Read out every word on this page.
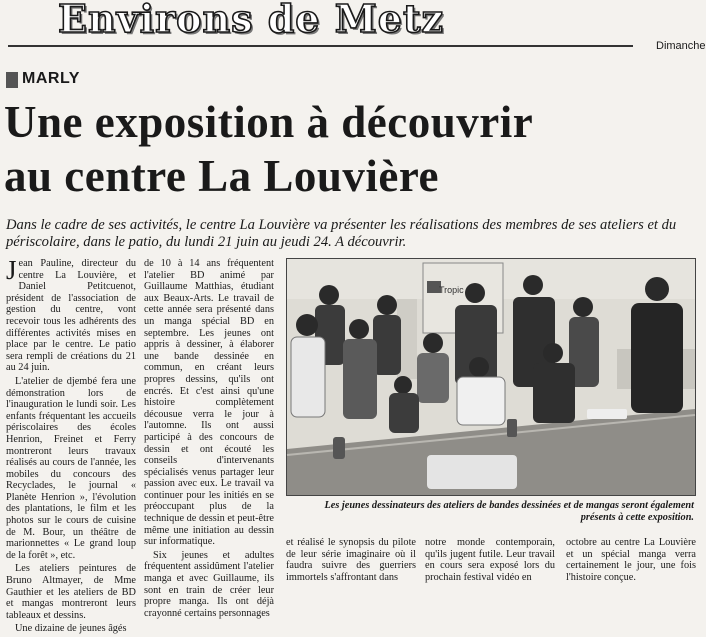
Environs de Metz
Dimanche
MARLY
Une exposition à découvrir
au centre La Louvière

Dans le cadre de ses activités, le centre La Louvière va présenter les réalisations des membres de ses ateliers et du périscolaire, dans le patio, du lundi 21 juin au jeudi 24. A découvrir.

Jean Pauline, directeur du centre La Louvière, et Daniel Petitcuenot, président de l'association de gestion du centre, vont recevoir tous les adhérents des différentes activités mises en place par le centre. Le patio sera rempli de créations du 21 au 24 juin.

L'atelier de djembé fera une démonstration lors de l'inauguration le lundi soir. Les enfants fréquentant les accueils périscolaires des écoles Henrion, Freinet et Ferry montreront leurs travaux réalisés au cours de l'année, les mobiles du concours des Recyclades, le journal « Planète Henrion », l'évolution des plantations, le film et les photos sur le cours de cuisine de M. Bour, un théâtre de marionnettes « Le grand loup de la forêt », etc.

Les ateliers peintures de Bruno Altmayer, de Mme Gauthier et les ateliers de BD et mangas montreront leurs tableaux et dessins.

Une dizaine de jeunes âgés

de 10 à 14 ans fréquentent l'atelier BD animé par Guillaume Matthias, étudiant aux Beaux-Arts. Le travail de cette année sera présenté dans un manga spécial BD en septembre. Les jeunes ont appris à dessiner, à élaborer une bande dessinée en commun, en créant leurs propres dessins, qu'ils ont encrés. Et c'est ainsi qu'une histoire complètement décousue verra le jour à l'automne. Ils ont aussi participé à des concours de dessin et ont écouté les conseils d'intervenants spécialisés venus partager leur passion avec eux. Le travail va continuer pour les initiés en se préoccupant plus de la technique de dessin et peut-être même une initiation au dessin sur informatique.

Six jeunes et adultes fréquentent assidûment l'atelier manga et avec Guillaume, ils sont en train de créer leur propre manga. Ils ont déjà crayonné certains personnages

Tropic
Les jeunes dessinateurs des ateliers de bandes dessinées et de mangas seront également présents à cette exposition.

et réalisé le synopsis du pilote de leur série imaginaire où il faudra suivre des guerriers immortels s'affrontant dans

notre monde contemporain, qu'ils jugent futile. Leur travail en cours sera exposé lors du prochain festival vidéo en

octobre au centre La Louvière et un spécial manga verra certainement le jour, une fois l'histoire conçue.
